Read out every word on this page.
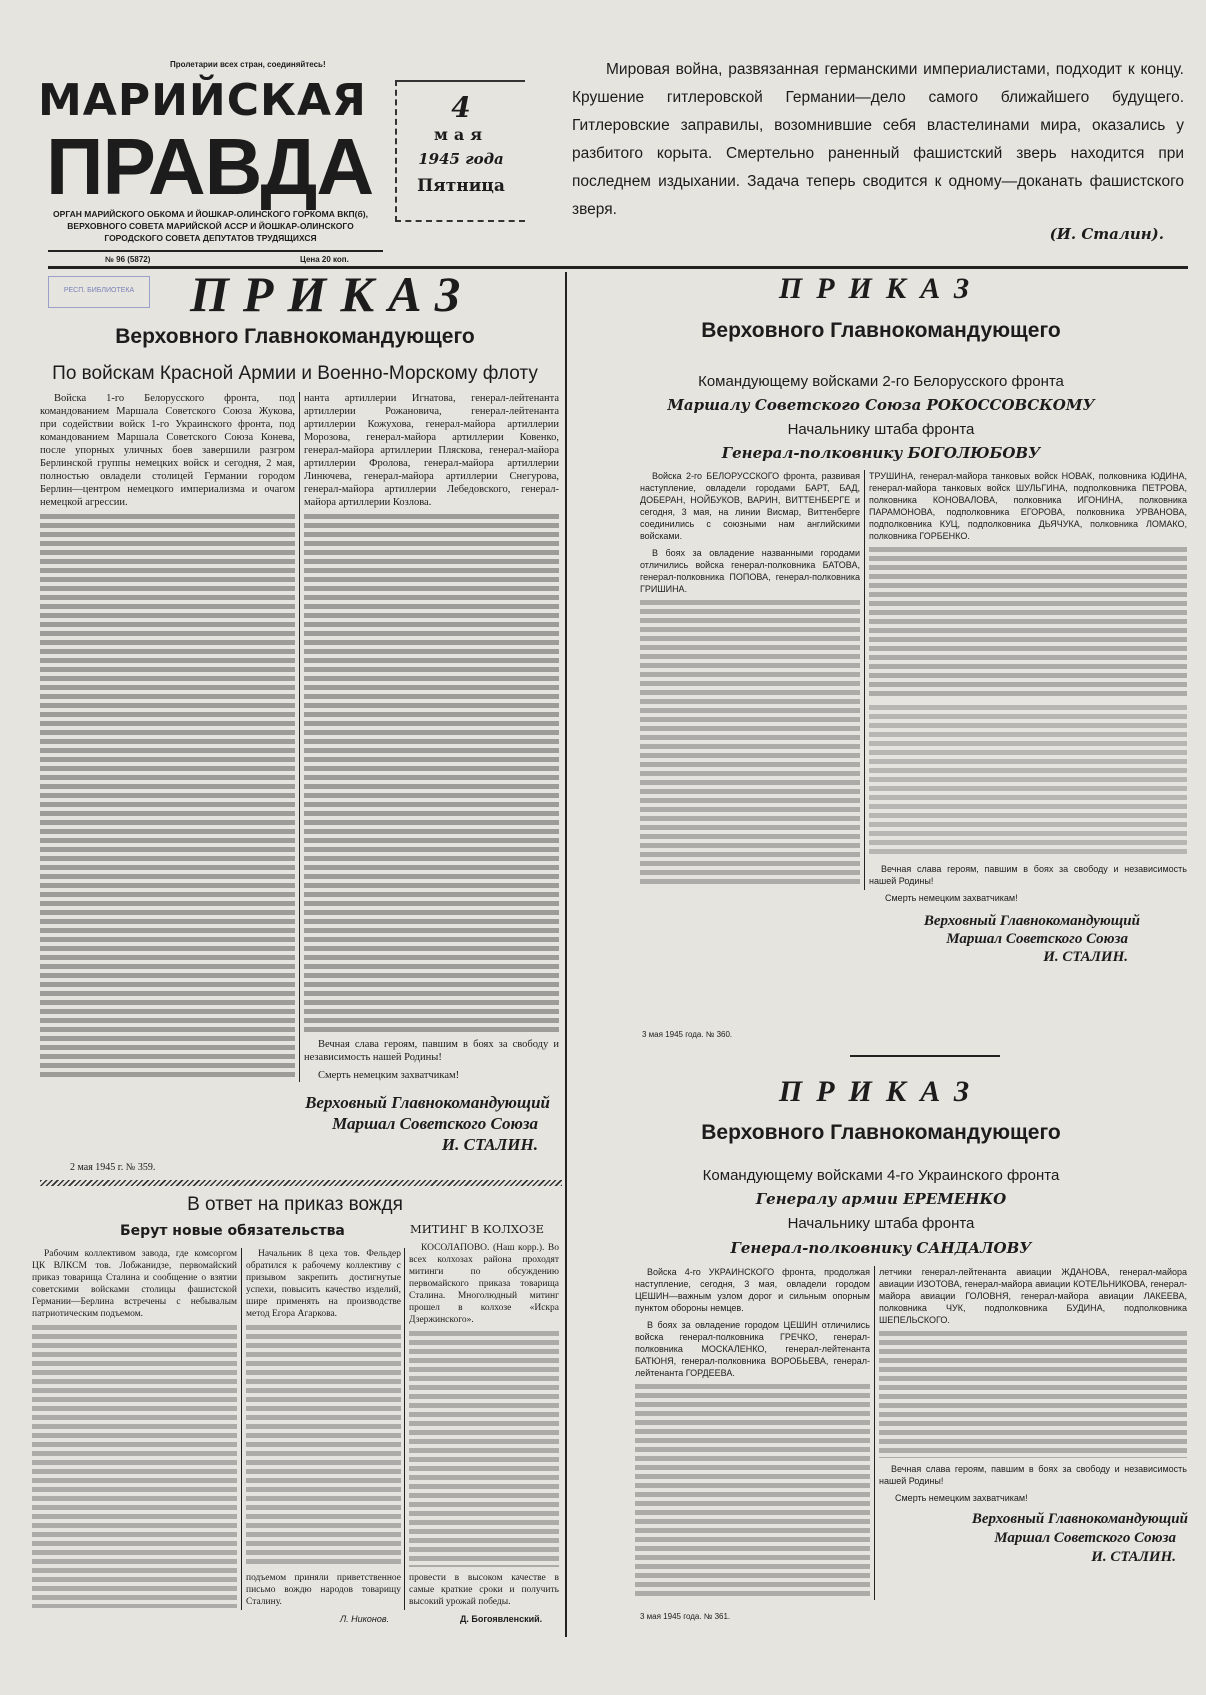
Пролетарии всех стран, соединяйтесь!
МАРИЙСКАЯ
ПРАВДА
ОРГАН МАРИЙСКОГО ОБКОМА И ЙОШКАР-ОЛИНСКОГО ГОРКОМА ВКП(б), ВЕРХОВНОГО СОВЕТА МАРИЙСКОЙ АССР И ЙОШКАР-ОЛИНСКОГО ГОРОДСКОГО СОВЕТА ДЕПУТАТОВ ТРУДЯЩИХСЯ
№ 96 (5872)	Цена 20 коп.
РЕСП. БИБЛИОТЕКА
4
мая
1945 года
Пятница
Мировая война, развязанная германскими империалистами, подходит к концу. Крушение гитлеровской Германии—дело самого ближайшего будущего. Гитлеровские заправилы, возомнившие себя властелинами мира, оказались у разбитого корыта. Смертельно раненный фашистский зверь находится при последнем издыхании. Задача теперь сводится к одному—доканать фашистского зверя.
(И. Сталин).
ПРИКАЗ
Верховного Главнокомандующего
По войскам Красной Армии и Военно-Морскому флоту
Войска 1-го Белорусского фронта, под командованием Маршала Советского Союза Жукова, при содействии войск 1-го Украинского фронта, под командованием Маршала Советского Союза Конева, после упорных уличных боев завершили разгром Берлинской группы немецких войск и сегодня, 2 мая, полностью овладели столицей Германии городом Берлин—центром немецкого империализма и очагом немецкой агрессии.
нанта артиллерии Игнатова, генерал-лейтенанта артиллерии Рожановича, генерал-лейтенанта артиллерии Кожухова, генерал-майора артиллерии Морозова, генерал-майора артиллерии Ковенко, генерал-майора артиллерии Пляскова, генерал-майора артиллерии Фролова, генерал-майора артиллерии Линючева, генерал-майора артиллерии Снегурова, генерал-майора артиллерии Лебедовского, генерал-майора артиллерии Козлова.
Вечная слава героям, павшим в боях за свободу и независимость нашей Родины!
Смерть немецким захватчикам!
Верховный Главнокомандующий
Маршал Советского Союза
И. СТАЛИН.
2 мая 1945 г. № 359.
В ответ на приказ вождя
Берут новые обязательства	МИТИНГ В КОЛХОЗЕ
Рабочим коллективом завода, где комсоргом ЦК ВЛКСМ тов. Лобжанидзе, первомайский приказ товарища Сталина и сообщение о взятии советскими войсками столицы фашистской Германии—Берлина встречены с небывалым патриотическим подъемом.
Начальник 8 цеха тов. Фельдер обратился к рабочему коллективу с призывом закрепить достигнутые успехи, повысить качество изделий, шире применять на производстве метод Егора Агаркова.
подъемом приняли приветственное письмо вождю народов товарищу Сталину.
Л. Никонов.
КОСОЛАПОВО. (Наш корр.). Во всех колхозах района проходят митинги по обсуждению первомайского приказа товарища Сталина. Многолюдный митинг прошел в колхозе «Искра Дзержинского».
провести в высоком качестве в самые краткие сроки и получить высокий урожай победы.
Д. Богоявленский.
ПРИКАЗ
Верховного Главнокомандующего
Командующему войсками 2-го Белорусского фронта
Маршалу Советского Союза РОКОССОВСКОМУ
Начальнику штаба фронта
Генерал-полковнику БОГОЛЮБОВУ
Войска 2-го БЕЛОРУССКОГО фронта, развивая наступление, овладели городами БАРТ, БАД, ДОБЕРАН, НОЙБУКОВ, ВАРИН, ВИТТЕНБЕРГЕ и сегодня, 3 мая, на линии Висмар, Виттенберге соединились с союзными нам английскими войсками.
В боях за овладение названными городами отличились войска генерал-полковника БАТОВА, генерал-полковника ПОПОВА, генерал-полковника ГРИШИНА.
ТРУШИНА, генерал-майора танковых войск НОВАК, полковника ЮДИНА, генерал-майора танковых войск ШУЛЬГИНА, подполковника ПЕТРОВА, полковника КОНОВАЛОВА, полковника ИГОНИНА, полковника ПАРАМОНОВА, подполковника ЕГОРОВА, полковника УРВАНОВА, подполковника КУЦ, подполковника ДЬЯЧУКА, полковника ЛОМАКО, полковника ГОРБЕНКО.
Вечная слава героям, павшим в боях за свободу и независимость нашей Родины!
Смерть немецким захватчикам!
Верховный Главнокомандующий
Маршал Советского Союза
И. СТАЛИН.
3 мая 1945 года. № 360.
ПРИКАЗ
Верховного Главнокомандующего
Командующему войсками 4-го Украинского фронта
Генералу армии ЕРЕМЕНКО
Начальнику штаба фронта
Генерал-полковнику САНДАЛОВУ
Войска 4-го УКРАИНСКОГО фронта, продолжая наступление, сегодня, 3 мая, овладели городом ЦЕШИН—важным узлом дорог и сильным опорным пунктом обороны немцев.
В боях за овладение городом ЦЕШИН отличились войска генерал-полковника ГРЕЧКО, генерал-полковника МОСКАЛЕНКО, генерал-лейтенанта БАТЮНЯ, генерал-полковника ВОРОБЬЕВА, генерал-лейтенанта ГОРДЕЕВА.
летчики генерал-лейтенанта авиации ЖДАНОВА, генерал-майора авиации ИЗОТОВА, генерал-майора авиации КОТЕЛЬНИКОВА, генерал-майора авиации ГОЛОВНЯ, генерал-майора авиации ЛАКЕЕВА, полковника ЧУК, подполковника БУДИНА, подполковника ШЕПЕЛЬСКОГО.
Вечная слава героям, павшим в боях за свободу и независимость нашей Родины!
Смерть немецким захватчикам!
Верховный Главнокомандующий
Маршал Советского Союза
И. СТАЛИН.
3 мая 1945 года. № 361.
